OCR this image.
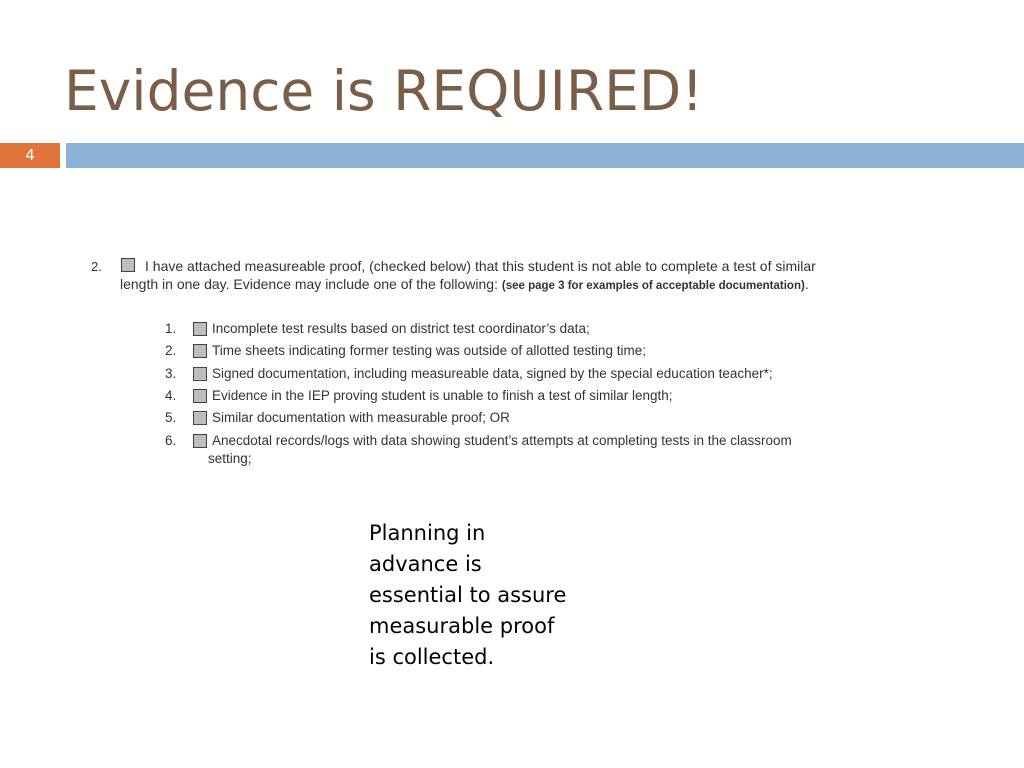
Evidence is REQUIRED!
4
2.	I have attached measureable proof, (checked below) that this student is not able to complete a test of similar
length in one day. Evidence may include one of the following: (see page 3 for examples of acceptable documentation).
1.	Incomplete test results based on district test coordinator’s data;
2.	Time sheets indicating former testing was outside of allotted testing time;
3.	Signed documentation, including measureable data, signed by the special education teacher*;
4.	Evidence in the IEP proving student is unable to finish a test of similar length;
5.	Similar documentation with measurable proof; OR
6.	Anecdotal records/logs with data showing student’s attempts at completing tests in the classroom
setting;
Planning in
advance is
essential to assure
measurable proof
is collected.
